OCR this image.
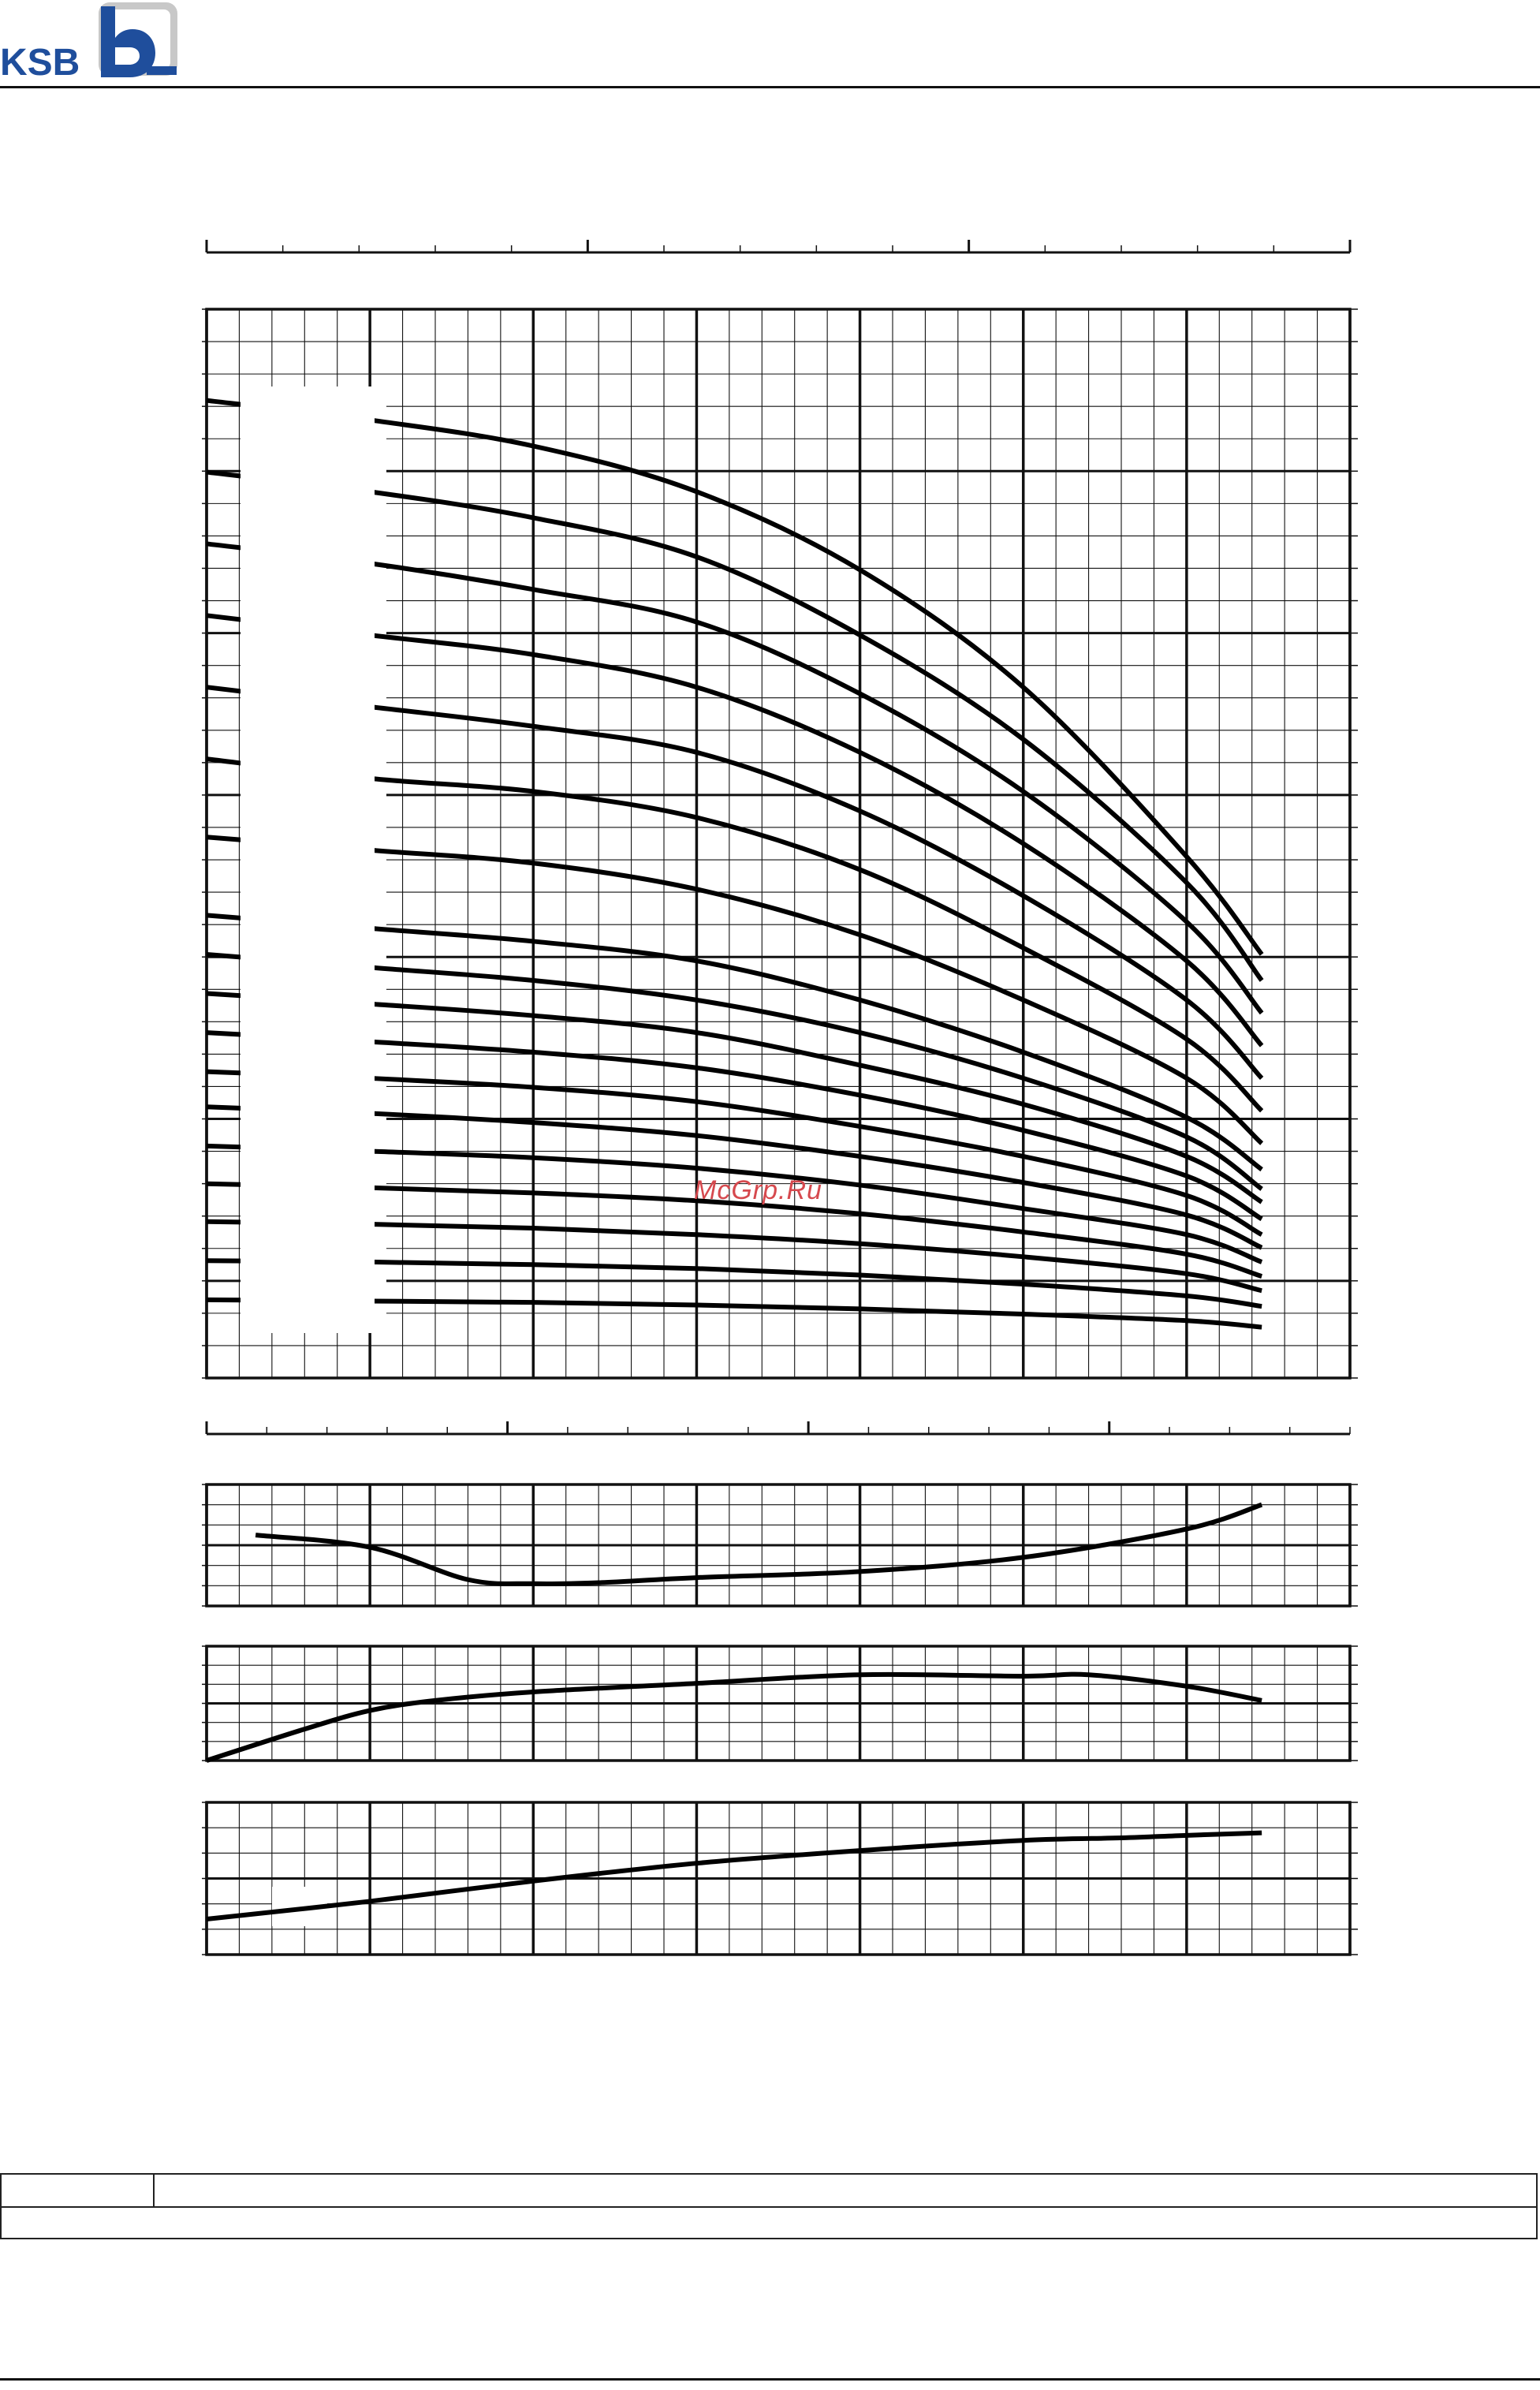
KSB
McGrp.Ru
